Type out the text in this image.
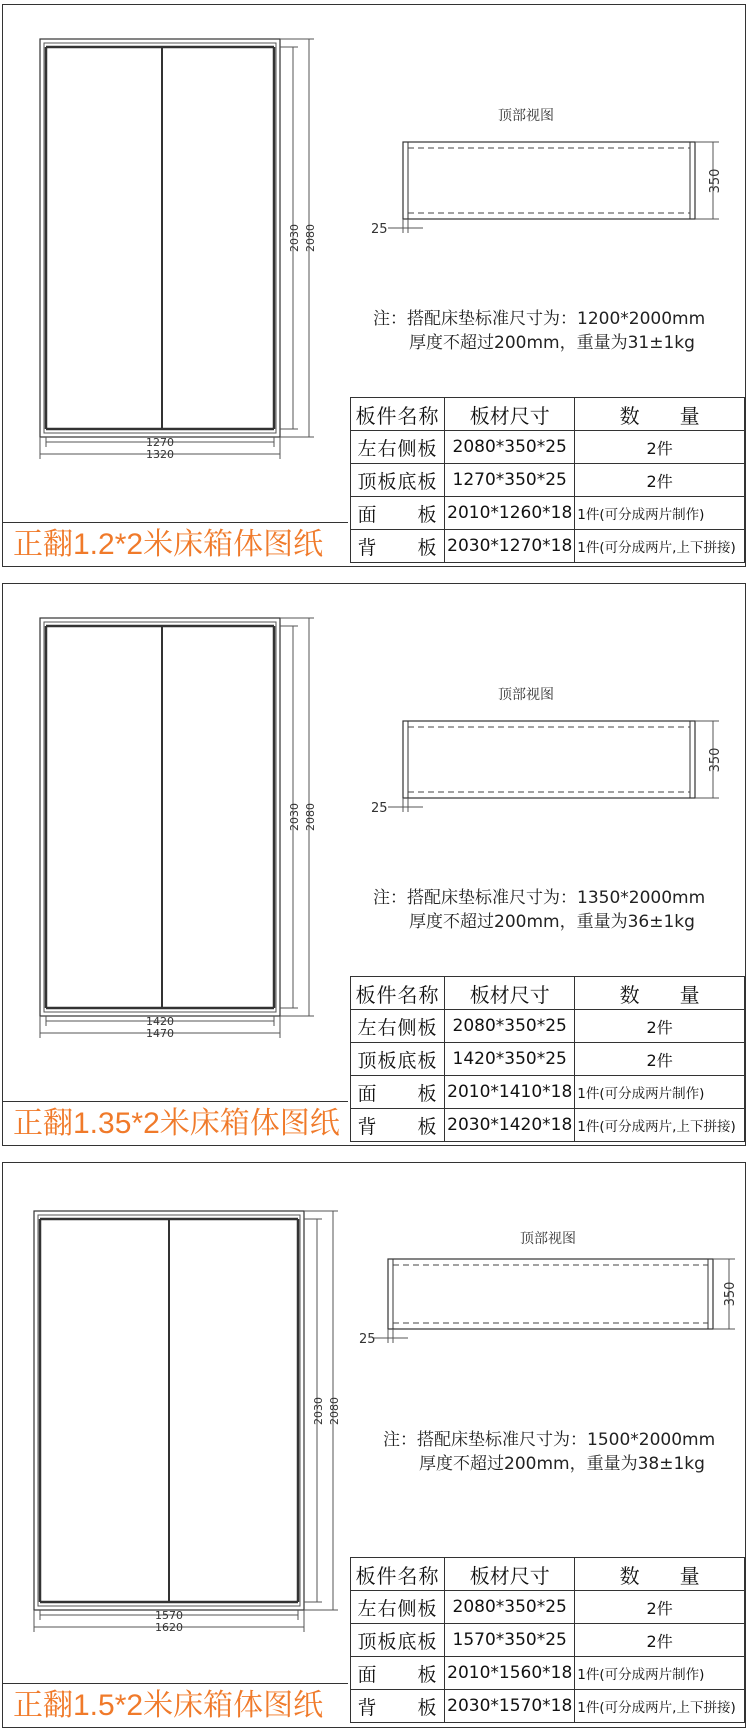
1270
1320
2030 2080
350
25
顶部视图
注：搭配床垫标准尺寸为：1200*2000mm
厚度不超过200mm，重量为31±1kg
板件名称	板材尺寸	数　　量
左右侧板	2080*350*25	2件
顶板底板	1270*350*25	2件
面　　板	2010*1260*18	1件(可分成两片制作)
背　　板	2030*1270*18	1件(可分成两片,上下拼接)
正翻1.2*2米床箱体图纸
1420
1470
2030 2080
350
25
顶部视图
注：搭配床垫标准尺寸为：1350*2000mm
厚度不超过200mm，重量为36±1kg
板件名称	板材尺寸	数　　量
左右侧板	2080*350*25	2件
顶板底板	1420*350*25	2件
面　　板	2010*1410*18	1件(可分成两片制作)
背　　板	2030*1420*18	1件(可分成两片,上下拼接)
正翻1.35*2米床箱体图纸
1570
1620
2030 2080
350
25
顶部视图
注：搭配床垫标准尺寸为：1500*2000mm
厚度不超过200mm，重量为38±1kg
板件名称	板材尺寸	数　　量
左右侧板	2080*350*25	2件
顶板底板	1570*350*25	2件
面　　板	2010*1560*18	1件(可分成两片制作)
背　　板	2030*1570*18	1件(可分成两片,上下拼接)
正翻1.5*2米床箱体图纸
